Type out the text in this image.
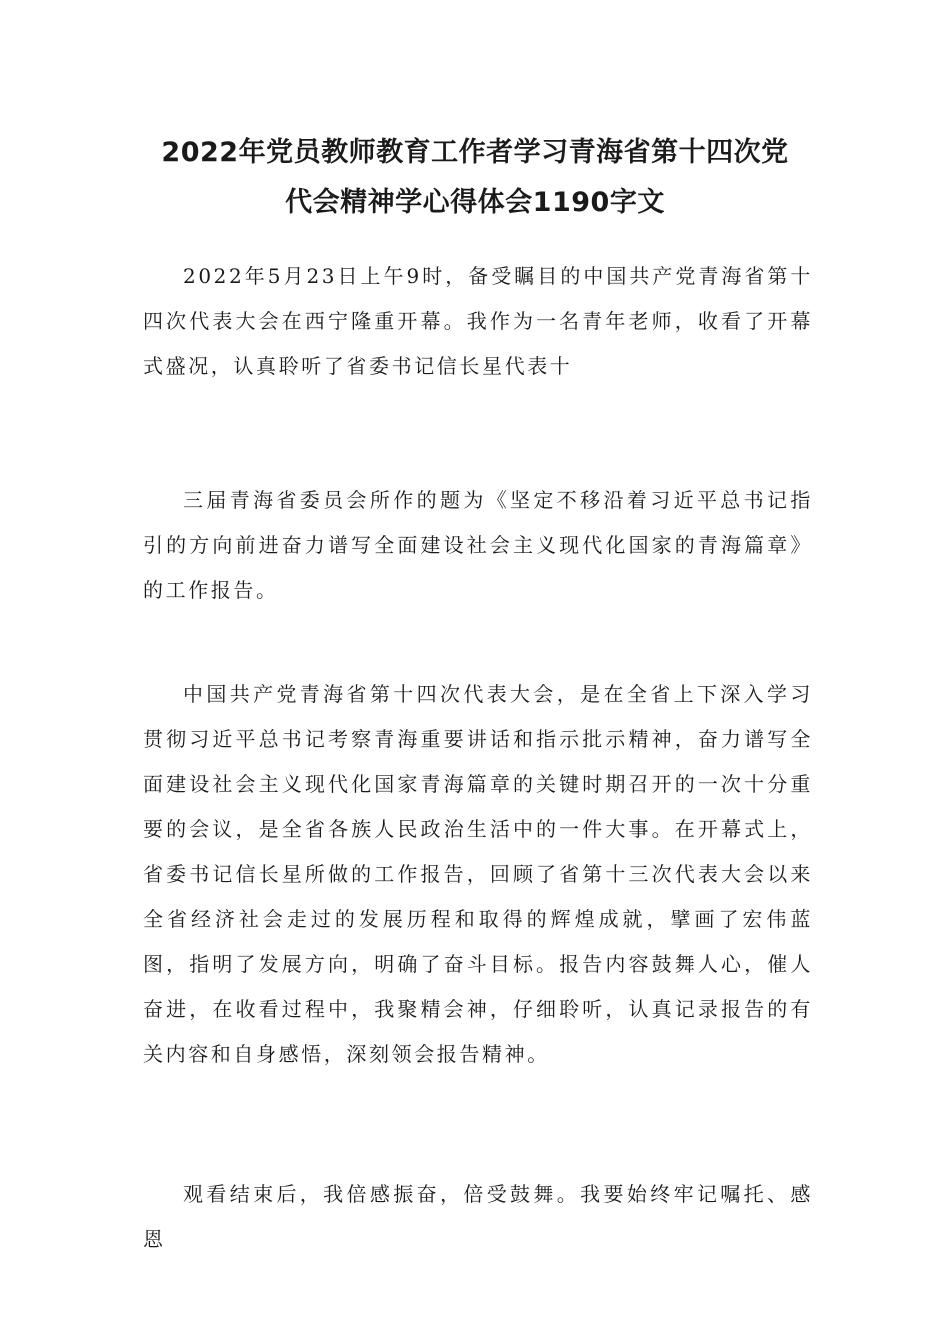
2022年党员教师教育工作者学习青海省第十四次党
代会精神学心得体会1190字文

2022年5月23日上午9时，备受瞩目的中国共产党青海省第十四次代表大会在西宁隆重开幕。我作为一名青年老师，收看了开幕式盛况，认真聆听了省委书记信长星代表十

三届青海省委员会所作的题为《坚定不移沿着习近平总书记指引的方向前进奋力谱写全面建设社会主义现代化国家的青海篇章》的工作报告。

中国共产党青海省第十四次代表大会，是在全省上下深入学习贯彻习近平总书记考察青海重要讲话和指示批示精神，奋力谱写全面建设社会主义现代化国家青海篇章的关键时期召开的一次十分重要的会议，是全省各族人民政治生活中的一件大事。在开幕式上，省委书记信长星所做的工作报告，回顾了省第十三次代表大会以来全省经济社会走过的发展历程和取得的辉煌成就，擘画了宏伟蓝图，指明了发展方向，明确了奋斗目标。报告内容鼓舞人心，催人奋进，在收看过程中，我聚精会神，仔细聆听，认真记录报告的有关内容和自身感悟，深刻领会报告精神。

观看结束后，我倍感振奋，倍受鼓舞。我要始终牢记嘱托、感恩
